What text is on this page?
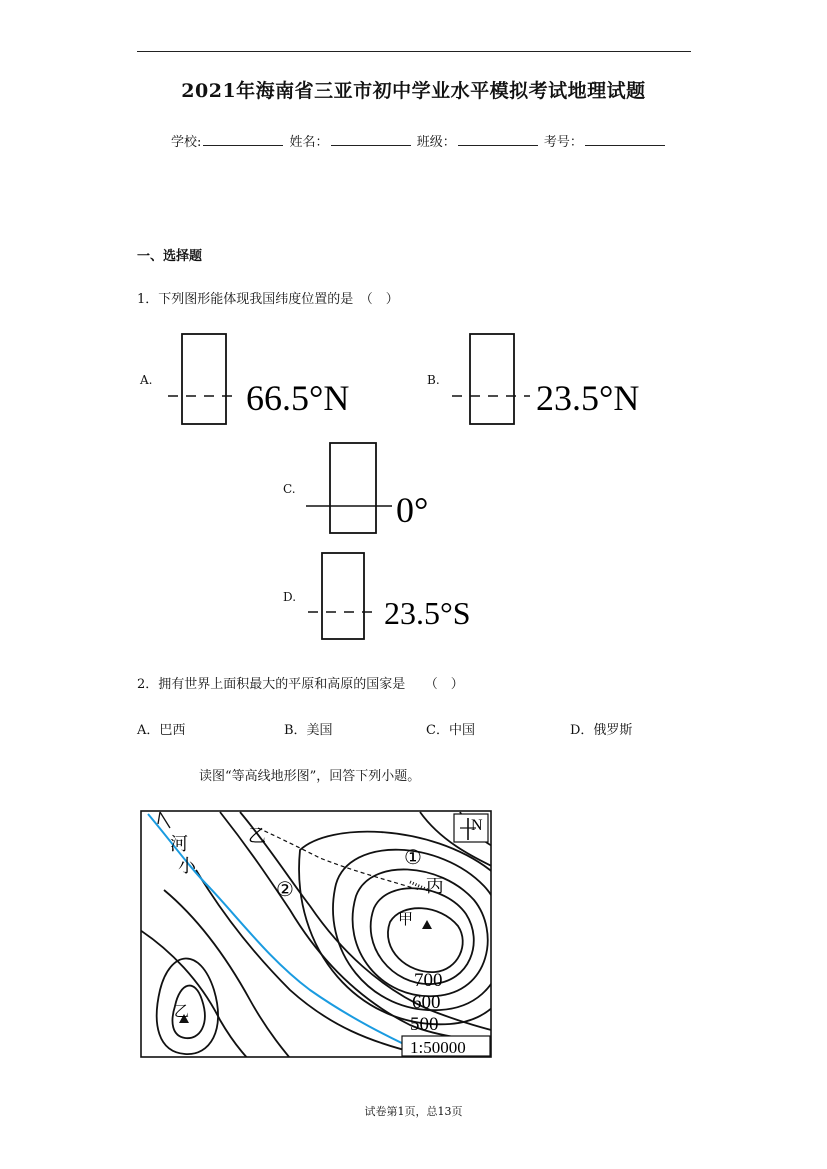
2021年海南省三亚市初中学业水平模拟考试地理试题
学校:	姓名：	班级：	考号：
一、选择题
1．下列图形能体现我国纬度位置的是　（　）
A.	66.5°N	B.	23.5°N
C.
0°
D.	23.5°S
2．拥有世界上面积最大的平原和高原的国家是　　（　）
A．巴西	B．美国	C．中国	D．俄罗斯
读图“等高线地形图”，回答下列小题。
N
河
小
乙
①
②	丙
甲
乙
700
600
500
1:50000
试卷第1页，总13页
